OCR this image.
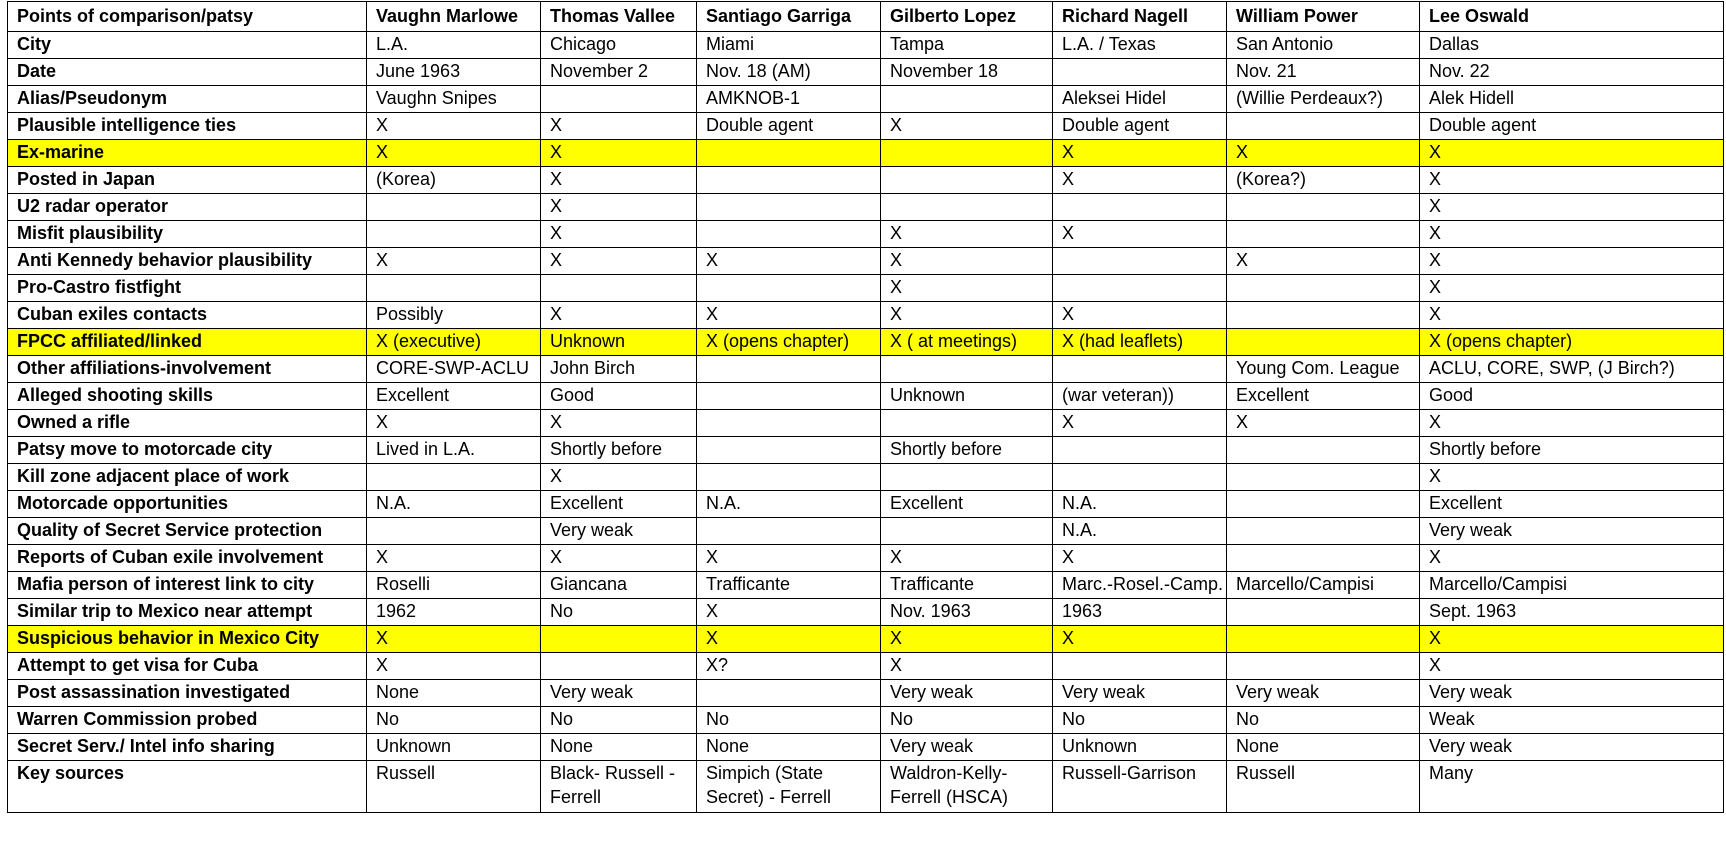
Points of comparison/patsy	Vaughn Marlowe	Thomas Vallee	Santiago Garriga	Gilberto Lopez	Richard Nagell	William Power	Lee Oswald
City	L.A.	Chicago	Miami	Tampa	L.A. / Texas	San Antonio	Dallas
Date	June 1963	November 2	Nov. 18 (AM)	November 18		Nov. 21	Nov. 22
Alias/Pseudonym	Vaughn Snipes		AMKNOB-1		Aleksei Hidel	(Willie Perdeaux?)	Alek Hidell
Plausible intelligence ties	X	X	Double agent	X	Double agent		Double agent
Ex-marine	X	X			X	X	X
Posted in Japan	(Korea)	X			X	(Korea?)	X
U2 radar operator		X					X
Misfit plausibility		X		X	X		X
Anti Kennedy behavior plausibility	X	X	X	X		X	X
Pro-Castro fistfight				X			X
Cuban exiles contacts	Possibly	X	X	X	X		X
FPCC affiliated/linked	X (executive)	Unknown	X (opens chapter)	X ( at meetings)	X (had leaflets)		X (opens chapter)
Other affiliations-involvement	CORE-SWP-ACLU	John Birch				Young Com. League	ACLU, CORE, SWP, (J Birch?)
Alleged shooting skills	Excellent	Good		Unknown	(war veteran))	Excellent	Good
Owned a rifle	X	X			X	X	X
Patsy move to motorcade city	Lived in L.A.	Shortly before		Shortly before			Shortly before
Kill zone adjacent place of work		X					X
Motorcade opportunities	N.A.	Excellent	N.A.	Excellent	N.A.		Excellent
Quality of Secret Service protection		Very weak			N.A.		Very weak
Reports of Cuban exile involvement	X	X	X	X	X		X
Mafia person of interest link to city	Roselli	Giancana	Trafficante	Trafficante	Marc.-Rosel.-Camp.	Marcello/Campisi	Marcello/Campisi
Similar trip to Mexico near attempt	1962	No	X	Nov. 1963	1963		Sept. 1963
Suspicious behavior in Mexico City	X		X	X	X		X
Attempt to get visa for Cuba	X		X?	X			X
Post assassination investigated	None	Very weak		Very weak	Very weak	Very weak	Very weak
Warren Commission probed	No	No	No	No	No	No	Weak
Secret Serv./ Intel info sharing	Unknown	None	None	Very weak	Unknown	None	Very weak
Key sources	Russell	Black- Russell - Ferrell	Simpich (State Secret) - Ferrell	Waldron-Kelly-Ferrell (HSCA)	Russell-Garrison	Russell	Many
